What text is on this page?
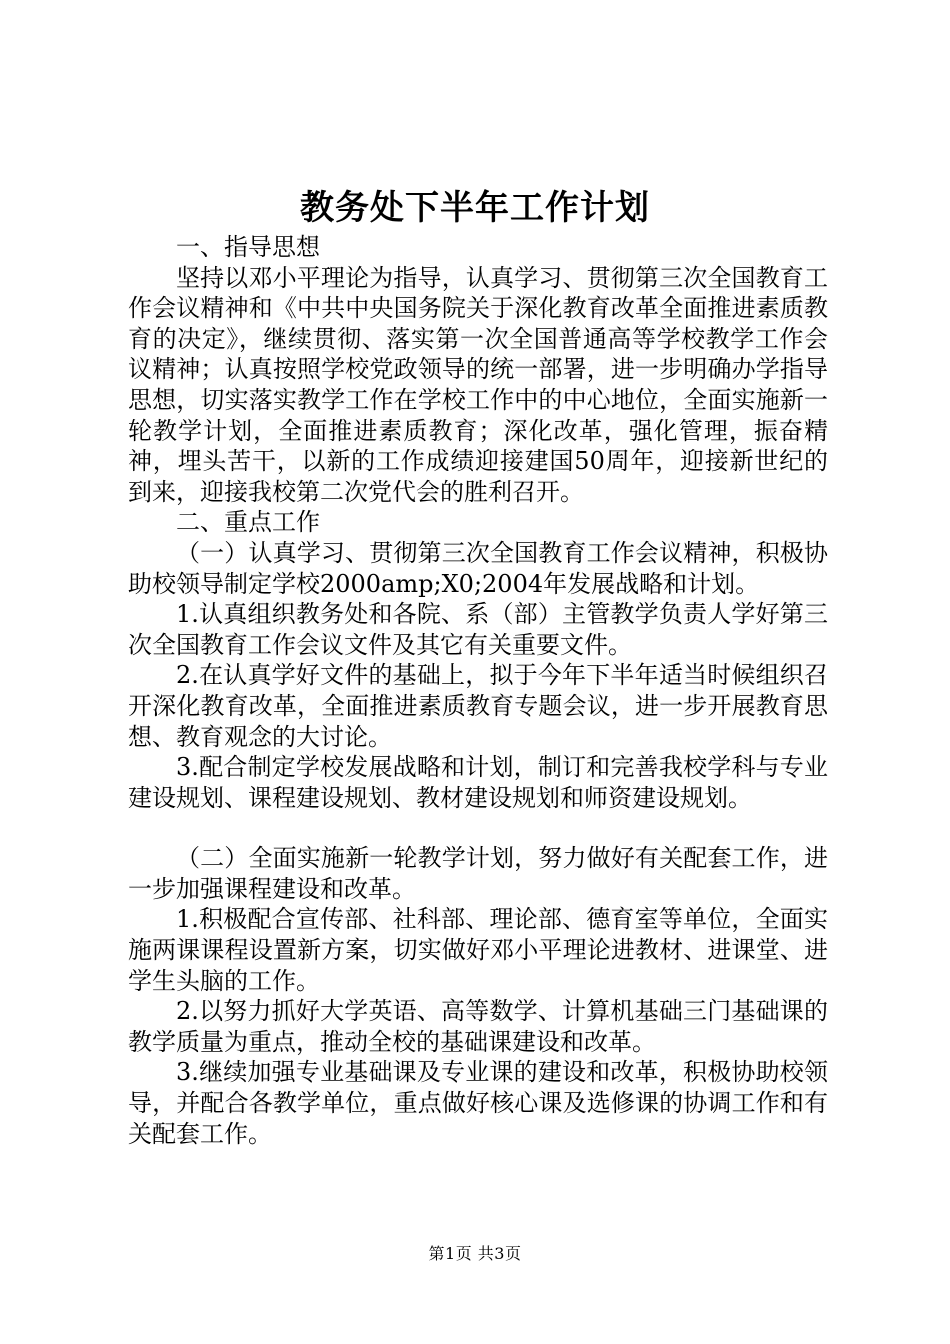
教务处下半年工作计划

一、指导思想

坚持以邓小平理论为指导，认真学习、贯彻第三次全国教育工作会议精神和《中共中央国务院关于深化教育改革全面推进素质教育的决定》，继续贯彻、落实第一次全国普通高等学校教学工作会议精神；认真按照学校党政领导的统一部署，进一步明确办学指导思想，切实落实教学工作在学校工作中的中心地位，全面实施新一轮教学计划，全面推进素质教育；深化改革，强化管理，振奋精神，埋头苦干，以新的工作成绩迎接建国50周年，迎接新世纪的到来，迎接我校第二次党代会的胜利召开。

二、重点工作

（一）认真学习、贯彻第三次全国教育工作会议精神，积极协助校领导制定学校2000amp;X0;2004年发展战略和计划。

1.认真组织教务处和各院、系（部）主管教学负责人学好第三次全国教育工作会议文件及其它有关重要文件。

2.在认真学好文件的基础上，拟于今年下半年适当时候组织召开深化教育改革，全面推进素质教育专题会议，进一步开展教育思想、教育观念的大讨论。

3.配合制定学校发展战略和计划，制订和完善我校学科与专业建设规划、课程建设规划、教材建设规划和师资建设规划。

（二）全面实施新一轮教学计划，努力做好有关配套工作，进一步加强课程建设和改革。

1.积极配合宣传部、社科部、理论部、德育室等单位，全面实施两课课程设置新方案，切实做好邓小平理论进教材、进课堂、进学生头脑的工作。

2.以努力抓好大学英语、高等数学、计算机基础三门基础课的教学质量为重点，推动全校的基础课建设和改革。

3.继续加强专业基础课及专业课的建设和改革，积极协助校领导，并配合各教学单位，重点做好核心课及选修课的协调工作和有关配套工作。

第1页 共3页
